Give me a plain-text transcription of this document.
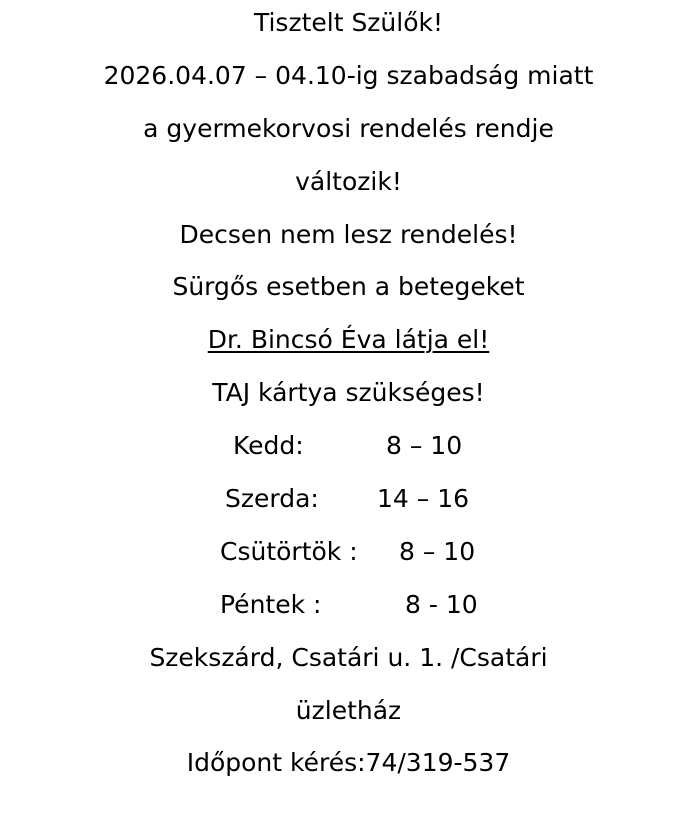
Tisztelt Szülők!
2026.04.07 – 04.10-ig szabadság miatt
a gyermekorvosi rendelés rendje
változik!
Decsen nem lesz rendelés!
Sürgős esetben a betegeket
Dr. Bincsó Éva látja el!
TAJ kártya szükséges!
Kedd:	8 – 10
Szerda: 14 – 16
Csütörtök : 8 – 10
Péntek :	8 - 10
Szekszárd, Csatári u. 1. /Csatári
üzletház
Időpont kérés:74/319-537
